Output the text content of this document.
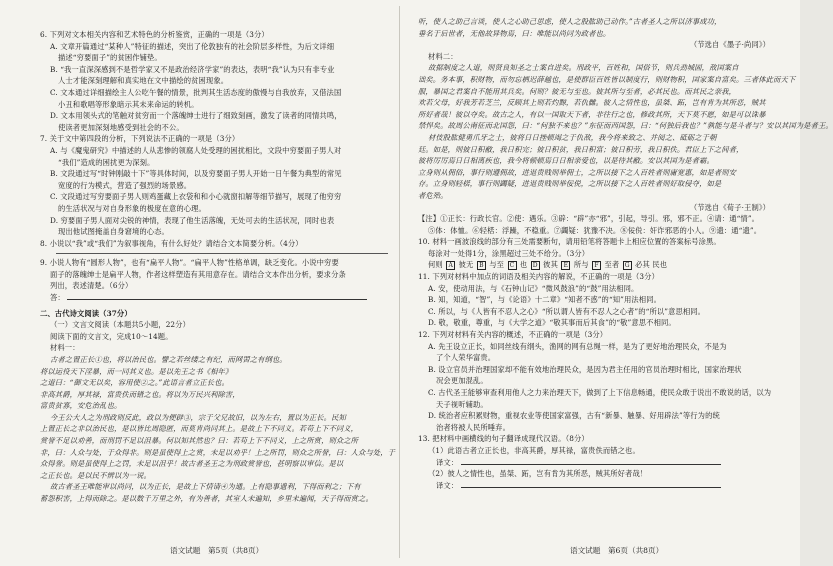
6. 下列对文本相关内容和艺术特色的分析鉴赏，正确的一项是（3分）
A. 文章开篇通过“某种人”特征的描述，突出了伦敦独有的社会阶层多样性，为后文详细
描述“穷要面子”的贫困作铺垫。
B. “我一直深深感到不是哲学家又不是政治经济学家”的表达，表明“我”认为只有非专业
人士才能深刻理解和真实地在文中描绘的贫困现象。
C. 文本通过详细描绘主人公吃午餐的情景，批判其生活态度的傲慢与自我放弃，又借法国
小丑和歌唱等形象暗示其未来命运的转机。
D. 文本用领头式的笔触对贫穷而一个落魄绅士进行了细致刻画，激发了读者的同情共鸣，
使读者更加深刻地感受到社会的不公。
7. 关于文中第四段的分析，下列说法不正确的一项是（3分）
A. 与《魔鬼研究》中描述的人从悲惨的领腐人处受理的困扰相比，文段中穷要面子男人对
“我们”造成的困扰更为深刻。
B. 文段通过写“时钟刚敲十下”等具体时间，以及穷要面子男人开始一日午餐为典型的常见
宽度的行为模式，营造了强烈的场景感。
C. 文段通过写穷要面子男人则鸡蛋藏上衣袋和和小心就窗扣解等细节描写，展现了他穷穷
的生活状况与对自身形象的极度在意的心理。
D. 穷要面子男人面对尖锐的神情，表现了他生活落魄，无处可去的生活状况，同时也表
现出他试图掩盖自身窘境的心态。
8. 小说以“我”或“我们”为叙事视角，有什么好处？请结合文本简要分析。（4分）
9. 小说人物有“圆形人物”，也有“扁平人物”。“扁平人物”性格单调，缺乏变化。小说中穷要
面子的落魄绅士是扁平人物，作者这样塑造有其用意存在。请结合文本作出分析，要求分条
列出，表述清楚。（6分）
答：
二、古代诗文阅读（37分）
（一）文言文阅读（本题共5小题，22分）
阅读下面的文言文，完成10～14题。
材料一：
古者之置正长①也，将以治民也。譬之若丝缕之有纪，而网罟之有纲也。
将以运役天下淫暴，而一同其义也。是以先王之书《相年》
之道曰：“御文无以矣，容用使②之。”此语言者立正长也。
非高其爵，厚其禄，富贵佚而错之也。将以为万民兴利除害，
富贵贫寡，安危治乱也。
今王公大人之为刑政则反此，政以为便辟③，宗于父兄故旧，以为左右，置以为正长。民知
上置正长之非以治民也，是以皆比周隐匿，而莫肯尚同其上。是故上下不同义。若苟上下不同义，
赏誉不足以劝善，而刑罚不足以沮暴。何以知其然也？曰：若苟上下不同义，上之所赏，则众之所
非，曰：人众与处，于众得非。则是虽使得上之赏，未足以劝乎！上之所罚，则众之所誉，曰：人众与处，于
众得誉。则是虽使得上之罚，未足以沮乎！故古者圣王之为刑政赏誉也，甚明察以审信。是以
之正长也。是以民不辨以为一说。
故古者圣王唯能审以尚同，以为正长，是故上下情请④为通。上有隐事遗利，下得而利之；下有
蓄怨积害，上得而除之。是以数千万里之外，有为善者，其室人未遍知，乡里未遍闻，天子得而赏之。
语文试题　第5页（共8页）
听，使人之助己言谈，使人之心助己思虑，使人之股肱助己动作。”古者圣人之所以济事成功，
垂名于后世者，无他故异物焉，曰：唯能以尚同为政者也。
（节选自《墨子·尚同》）
材料二：
故据制度之人道，则贤良知圣之士案自进矣。刑政平，百姓和，国俗节，则兵劲城固，敌国案自
诎矣。务本事，积财物，而勿忘栖迟薛越也，是使群臣百姓皆以制度行，则财物积，国家案自富矣。三者体此而天下
服，暴国之君案自不能用其兵矣。何则？彼无与至也。彼其所与至者，必其民也。而其民之亲我，
欢若父母，好我芳若芝兰，反顾其上则若灼黥，若仇雠。彼人之情性也，虽桀、跖，岂有肯为其所恶，贼其
所好者哉！彼以夺矣。故古之人，有以一国取天下者，非往行之也，修政其所，天下莫不愿，如是可以诛暴
禁悍矣。故周公南征而北国怨，曰：“何独不来也？”东征而西国怨，曰：“何独后我也？”孰能与是斗者与？安以其国为是者王。
材伎股肱健勇爪牙之士，彼将日日挫顿竭之于仇敌，我今将来致之、并阅之、砥砺之于朝
廷。如是，则彼日积敝，我日积完；彼日积贫，我日积富；彼日积劳，我日积佚。君臣上下之间者，
彼将厉厉焉日日相离疾也，我今将顿顿焉日日相亲爱也，以是待其敝。安以其国为是者霸。
立身则从佣俗，事行则遵佣故，进退贵贱则举佣士，之所以接下之人百姓者则庸宽惠，如是者则安
存。立身则轻楛，事行则蠲疑，进退贵贱则举佞侻，之所以接下之人百姓者则好取侵夺，如是
者危殆。
（节选自《荀子·王制》）
【注】①正长：行政长官。②使：遇乐。③辟：“辟”亦“邪”，引起，导引。邪，邪不正。④请：通“情”。
⑤体：体恤。⑥轻楛：浮躁，不稳重。⑦蠲疑：犹豫不决。⑧佞侻：奸诈邪恶的小人。⑨遗：通“遗”。
10. 材料一画波浪线的部分有三处需要断句，请用铅笔将答题卡上相应位置的答案标号涂黑。
每涂对一处得1分，涂黑超过三处不给分。（3分）
何则 A 彼无 B 与至 C 也 D 彼其 E 所与 F 至者 G 必其 民也
11. 下列对材料中加点的词语及相关内容的解说，不正确的一项是（3分）
A. 安，使动用法，与《石钟山记》“微风鼓浪”的“鼓”用法相同。
B. 知，知道，“智”，与《论语》十二章》“知者不惑”的“知”用法相同。
C. 所以，与《人皆有不忍人之心》“所以谓人皆有不忍人之心者”的“所以”意思相同。
D. 敬，敬重，尊重，与《大学之道》“敬其事而后其食”的“敬”意思不相同。
12. 下列对材料有关内容的概述，不正确的一项是（3分）
A. 先王设立正长，如同丝线有纲头，渔网的网有总绳一样，是为了更好地治理民众，不是为
了个人荣华富贵。
B. 设立官员并治理国家却不能有效地治理民众，是因为君主任用的官员治理时相比，国家治理状
况会更加混乱。
C. 古代圣王能够审查利用他人之力来治理天下，做到了上下信息畅通，使民众敢于说出不敢说的话，以为
天子视听辅助。
D. 统治者应积累财物，重视农业等使国家富强，古有“新暴、触暴、好用辟法”等行为的统
治者将被人民所唾弃。
13. 把材料中画横线的句子翻译成现代汉语。（8分）
（1）此语古者立正长也，非高其爵，厚其禄，富贵佚而错之也。
译文：
（2）彼人之情性也，虽桀、跖，岂有肯为其所恶，贼其所好者哉！
译文：
语文试题　第6页（共8页）
